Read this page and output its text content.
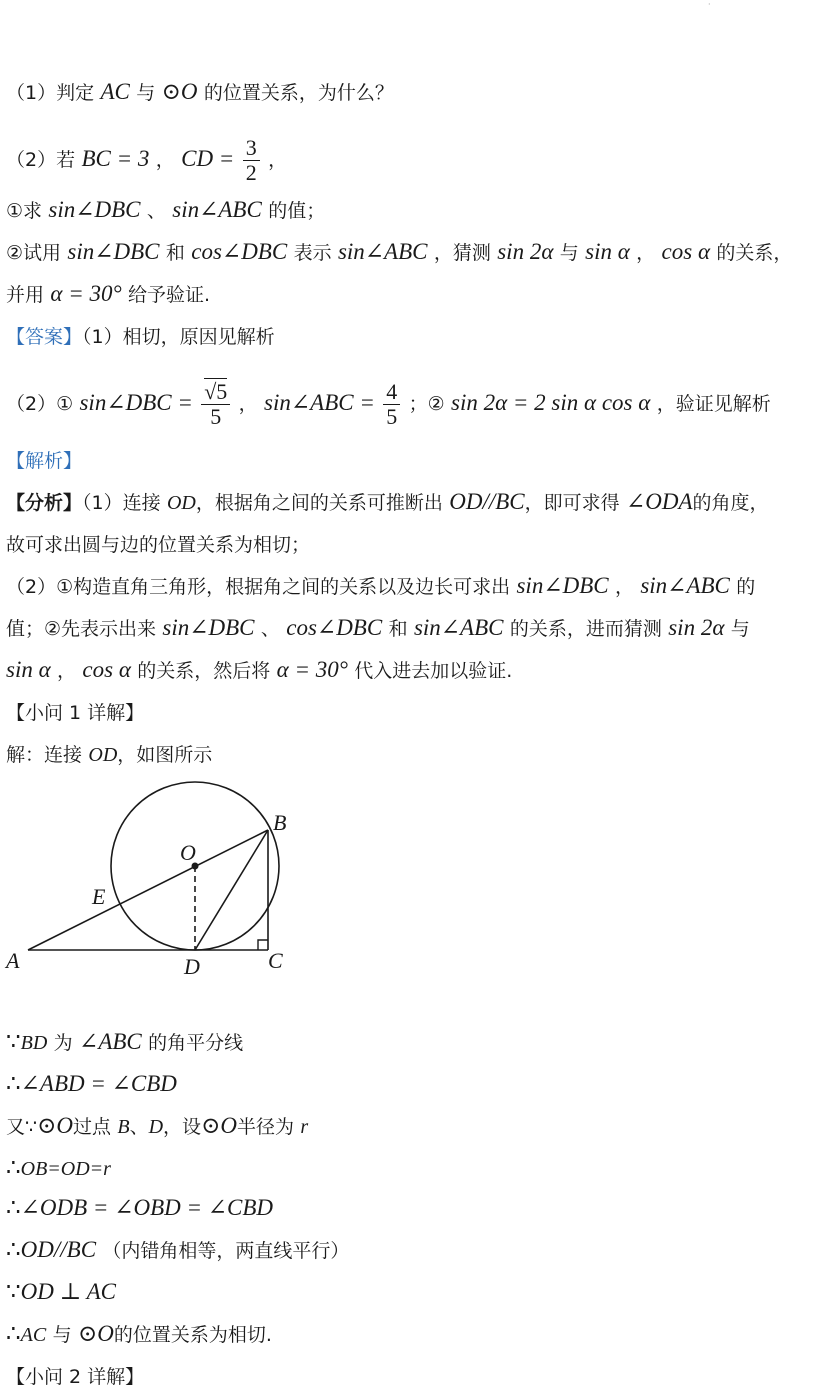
·
（1）判定 AC 与 ⊙O 的位置关系，为什么？
（2）若 BC = 3 ， CD = $\frac{3}{2}$ ，
①求 sin∠DBC 、 sin∠ABC 的值；
②试用 sin∠DBC 和 cos∠DBC 表示 sin∠ABC ，猜测 sin 2α 与 sin α ， cos α 的关系，
并用 α = 30° 给予验证.
【答案】（1）相切，原因见解析
（2）① sin∠DBC = $\frac{√5}{5}$ ， sin∠ABC = $\frac{4}{5}$ ；② sin 2α = 2 sin α cos α ，验证见解析
【解析】
【分析】（1）连接 OD，根据角之间的关系可推断出 OD//BC，即可求得 ∠ODA的角度，
故可求出圆与边的位置关系为相切；
（2）①构造直角三角形，根据角之间的关系以及边长可求出 sin∠DBC ， sin∠ABC 的
值；②先表示出来 sin∠DBC 、 cos∠DBC 和 sin∠ABC 的关系，进而猜测 sin 2α 与
sin α ， cos α 的关系，然后将 α = 30° 代入进去加以验证.
【小问 1 详解】
解：连接 OD，如图所示
O
B
E
A	D	C
∵BD 为 ∠ABC 的角平分线
∴∠ABD = ∠CBD
又∵⊙O过点 B、D，设⊙O半径为 r
∴OB=OD=r
∴∠ODB = ∠OBD = ∠CBD
∴OD//BC （内错角相等，两直线平行）
∵OD ⊥ AC
∴AC 与 ⊙O的位置关系为相切.
【小问 2 详解】
